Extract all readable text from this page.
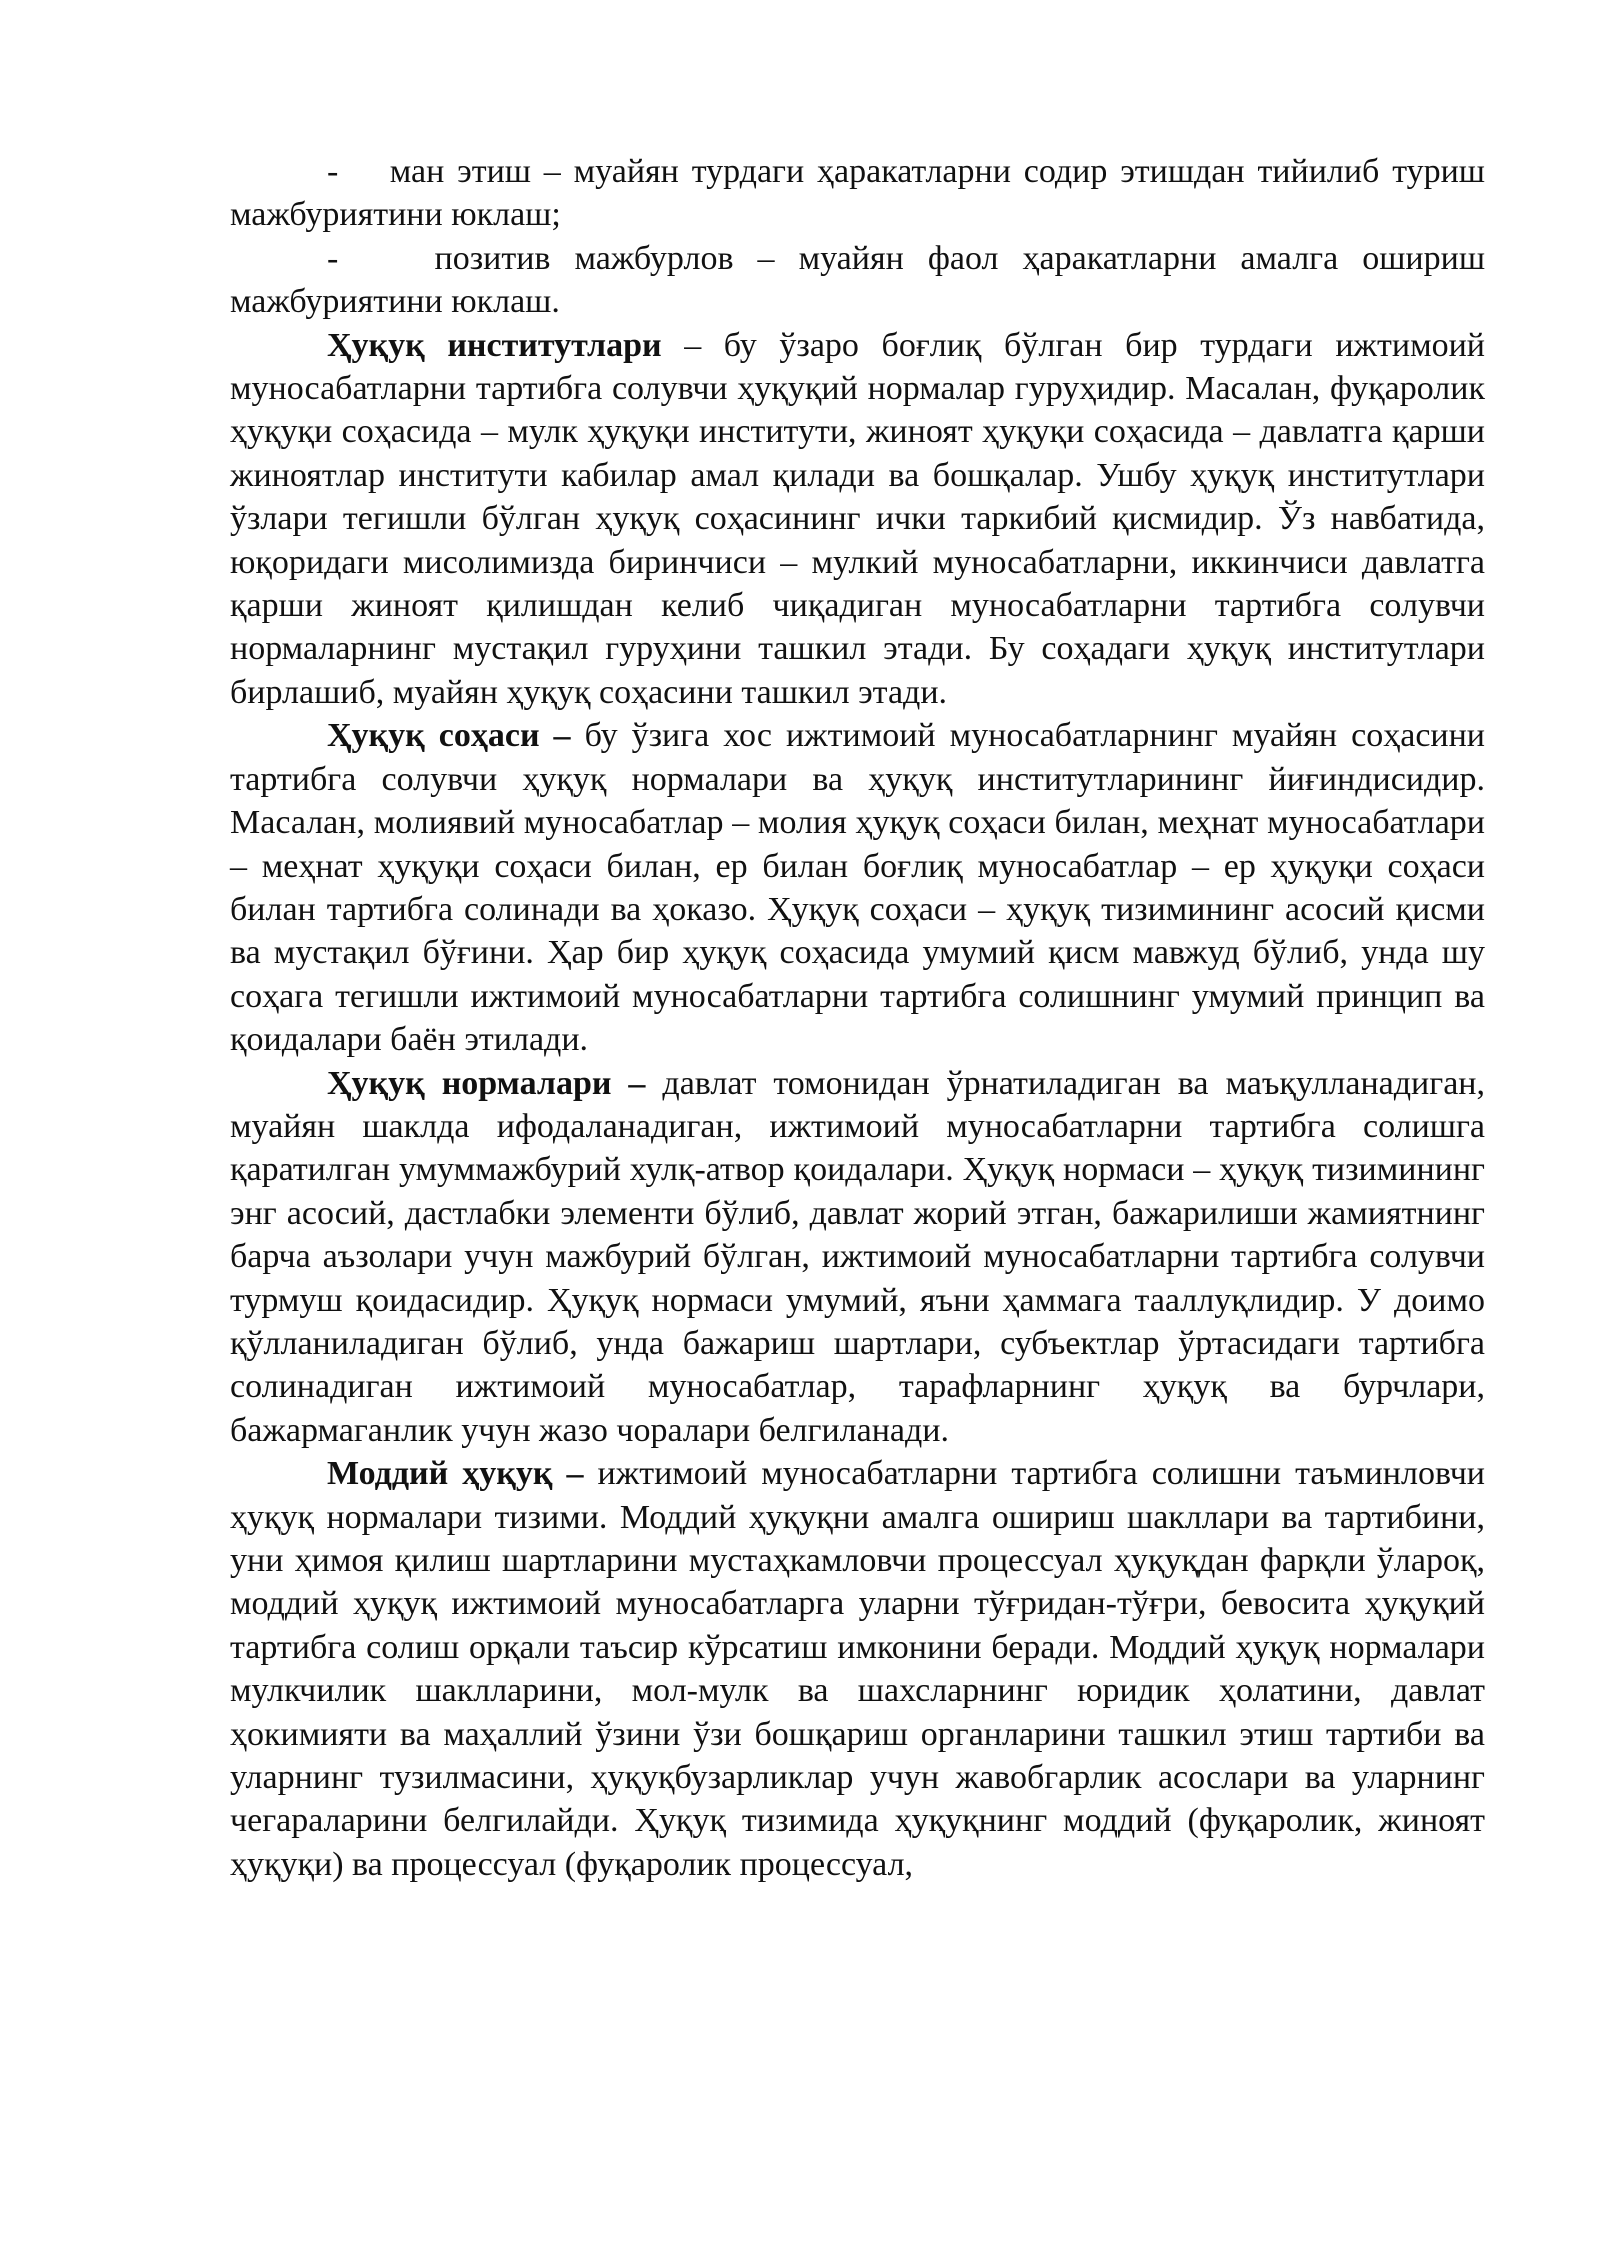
- ман этиш – муайян турдаги ҳаракатларни содир этишдан тийилиб туриш мажбуриятини юклаш;

-	позитив мажбурлов – муайян фаол ҳаракатларни амалга ошириш мажбуриятини юклаш.

Ҳуқуқ институтлари – бу ўзаро боғлиқ бўлган бир турдаги ижтимоий муносабатларни тартибга солувчи ҳуқуқий нормалар гуруҳидир. Масалан, фуқаролик ҳуқуқи соҳасида – мулк ҳуқуқи институти, жиноят ҳуқуқи соҳасида – давлатга қарши жиноятлар институти кабилар амал қилади ва бошқалар. Ушбу ҳуқуқ институтлари ўзлари тегишли бўлган ҳуқуқ соҳасининг ички таркибий қисмидир. Ўз навбатида, юқоридаги мисолимизда биринчиси – мулкий муносабатларни, иккинчиси давлатга қарши жиноят қилишдан келиб чиқадиган муносабатларни тартибга солувчи нормаларнинг мустақил гуруҳини ташкил этади. Бу соҳадаги ҳуқуқ институтлари бирлашиб, муайян ҳуқуқ соҳасини ташкил этади.

Ҳуқуқ соҳаси – бу ўзига хос ижтимоий муносабатларнинг муайян соҳасини тартибга солувчи ҳуқуқ нормалари ва ҳуқуқ институтларининг йиғиндисидир. Масалан, молиявий муносабатлар – молия ҳуқуқ соҳаси билан, меҳнат муносабатлари – меҳнат ҳуқуқи соҳаси билан, ер билан боғлиқ муносабатлар – ер ҳуқуқи соҳаси билан тартибга солинади ва ҳоказо. Ҳуқуқ соҳаси – ҳуқуқ тизимининг асосий қисми ва мустақил бўғини. Ҳар бир ҳуқуқ соҳасида умумий қисм мавжуд бўлиб, унда шу соҳага тегишли ижтимоий муносабатларни тартибга солишнинг умумий принцип ва қоидалари баён этилади.

Ҳуқуқ нормалари – давлат томонидан ўрнатиладиган ва маъқулланадиган, муайян шаклда ифодаланадиган, ижтимоий муносабатларни тартибга солишга қаратилган умуммажбурий хулқ-атвор қоидалари. Ҳуқуқ нормаси – ҳуқуқ тизимининг энг асосий, дастлабки элементи бўлиб, давлат жорий этган, бажарилиши жамиятнинг барча аъзолари учун мажбурий бўлган, ижтимоий муносабатларни тартибга солувчи турмуш қоидасидир. Ҳуқуқ нормаси умумий, яъни ҳаммага тааллуқлидир. У доимо қўлланиладиган бўлиб, унда бажариш шартлари, субъектлар ўртасидаги тартибга солинадиган ижтимоий муносабатлар, тарафларнинг ҳуқуқ ва бурчлари, бажармаганлик учун жазо чоралари белгиланади.

Моддий ҳуқуқ – ижтимоий муносабатларни тартибга солишни таъминловчи ҳуқуқ нормалари тизими. Моддий ҳуқуқни амалга ошириш шакллари ва тартибини, уни ҳимоя қилиш шартларини мустаҳкамловчи процессуал ҳуқуқдан фарқли ўлароқ, моддий ҳуқуқ ижтимоий муносабатларга уларни тўғридан-тўғри, бевосита ҳуқуқий тартибга солиш орқали таъсир кўрсатиш имконини беради. Моддий ҳуқуқ нормалари мулкчилик шаклларини, мол-мулк ва шахсларнинг юридик ҳолатини, давлат ҳокимияти ва маҳаллий ўзини ўзи бошқариш органларини ташкил этиш тартиби ва уларнинг тузилмасини, ҳуқуқбузарликлар учун жавобгарлик асослари ва уларнинг чегараларини белгилайди. Ҳуқуқ тизимида ҳуқуқнинг моддий (фуқаролик, жиноят ҳуқуқи) ва процессуал (фуқаролик процессуал,
